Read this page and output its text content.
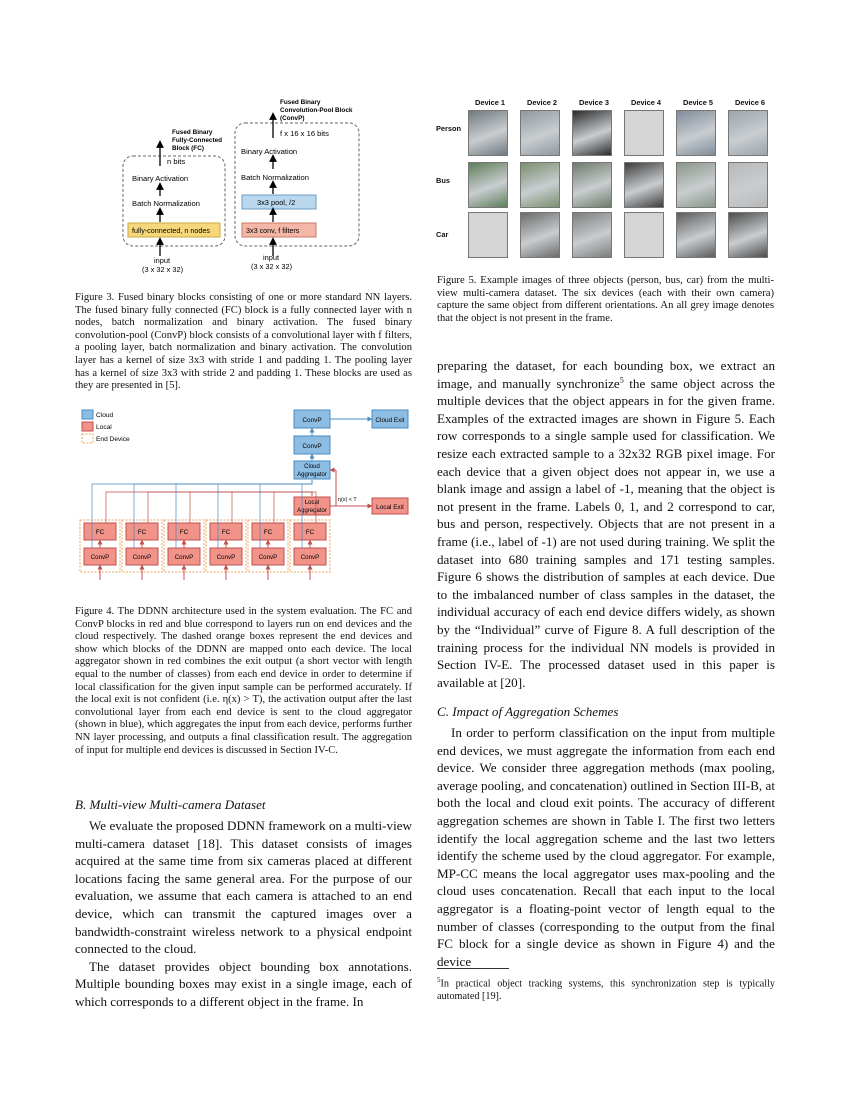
Fused Binary
Fully-Connected
Block (FC)
n bits
Binary Activation
Batch Normalization
fully-connected, n nodes
input
(3 x 32 x 32)
Fused Binary
Convolution-Pool Block
(ConvP)
f x 16 x 16 bits
Binary Activation
Batch Normalization
3x3 pool, /2
3x3 conv, f filters
input
(3 x 32 x 32)
Figure 3. Fused binary blocks consisting of one or more standard NN layers. The fused binary fully connected (FC) block is a fully connected layer with n nodes, batch normalization and binary activation. The fused binary convolution-pool (ConvP) block consists of a convolutional layer with f filters, a pooling layer, batch normalization and binary activation. The convolution layer has a kernel of size 3x3 with stride 1 and padding 1. The pooling layer has a kernel of size 3x3 with stride 2 and padding 1. These blocks are used as they are presented in [5].
Cloud
Local
End Device
ConvP
ConvP
Cloud
Aggregator
Cloud Exit
Local
Aggregator	Local Exit
η(x) < T
FC
ConvP
FC
ConvP
FC
ConvP
FC
ConvP
FC
ConvP
FC
ConvP
Figure 4. The DDNN architecture used in the system evaluation. The FC and ConvP blocks in red and blue correspond to layers run on end devices and the cloud respectively. The dashed orange boxes represent the end devices and show which blocks of the DDNN are mapped onto each device. The local aggregator shown in red combines the exit output (a short vector with length equal to the number of classes) from each end device in order to determine if local classification for the given input sample can be performed accurately. If the local exit is not confident (i.e. η(x) > T), the activation output after the last convolutional layer from each end device is sent to the cloud aggregator (shown in blue), which aggregates the input from each device, performs further NN layer processing, and outputs a final classification result. The aggregation of input for multiple end devices is discussed in Section IV-C.
B. Multi-view Multi-camera Dataset

We evaluate the proposed DDNN framework on a multi-view multi-camera dataset [18]. This dataset consists of images acquired at the same time from six cameras placed at different locations facing the same general area. For the purpose of our evaluation, we assume that each camera is attached to an end device, which can transmit the captured images over a bandwidth-constraint wireless network to a physical endpoint connected to the cloud.

The dataset provides object bounding box annotations. Multiple bounding boxes may exist in a single image, each of which corresponds to a different object in the frame. In

Device 1	Device 2	Device 3	Device 4	Device 5	Device 6
Person
Bus
Car
Figure 5. Example images of three objects (person, bus, car) from the multi-view multi-camera dataset. The six devices (each with their own camera) capture the same object from different orientations. An all grey image denotes that the object is not present in the frame.

preparing the dataset, for each bounding box, we extract an image, and manually synchronize$^5$ the same object across the multiple devices that the object appears in for the given frame. Examples of the extracted images are shown in Figure 5. Each row corresponds to a single sample used for classification. We resize each extracted sample to a 32x32 RGB pixel image. For each device that a given object does not appear in, we use a blank image and assign a label of -1, meaning that the object is not present in the frame. Labels 0, 1, and 2 correspond to car, bus and person, respectively. Objects that are not present in a frame (i.e., label of -1) are not used during training. We split the dataset into 680 training samples and 171 testing samples. Figure 6 shows the distribution of samples at each device. Due to the imbalanced number of class samples in the dataset, the individual accuracy of each end device differs widely, as shown by the “Individual” curve of Figure 8. A full description of the training process for the individual NN models is provided in Section IV-E. The processed dataset used in this paper is available at [20].

C. Impact of Aggregation Schemes

In order to perform classification on the input from multiple end devices, we must aggregate the information from each end device. We consider three aggregation methods (max pooling, average pooling, and concatenation) outlined in Section III-B, at both the local and cloud exit points. The accuracy of different aggregation schemes are shown in Table I. The first two letters identify the local aggregation scheme and the last two letters identify the scheme used by the cloud aggregator. For example, MP-CC means the local aggregator uses max-pooling and the cloud uses concatenation. Recall that each input to the local aggregator is a floating-point vector of length equal to the number of classes (corresponding to the output from the final FC block for a single device as shown in Figure 4) and the device

$^5$In practical object tracking systems, this synchronization step is typically automated [19].
